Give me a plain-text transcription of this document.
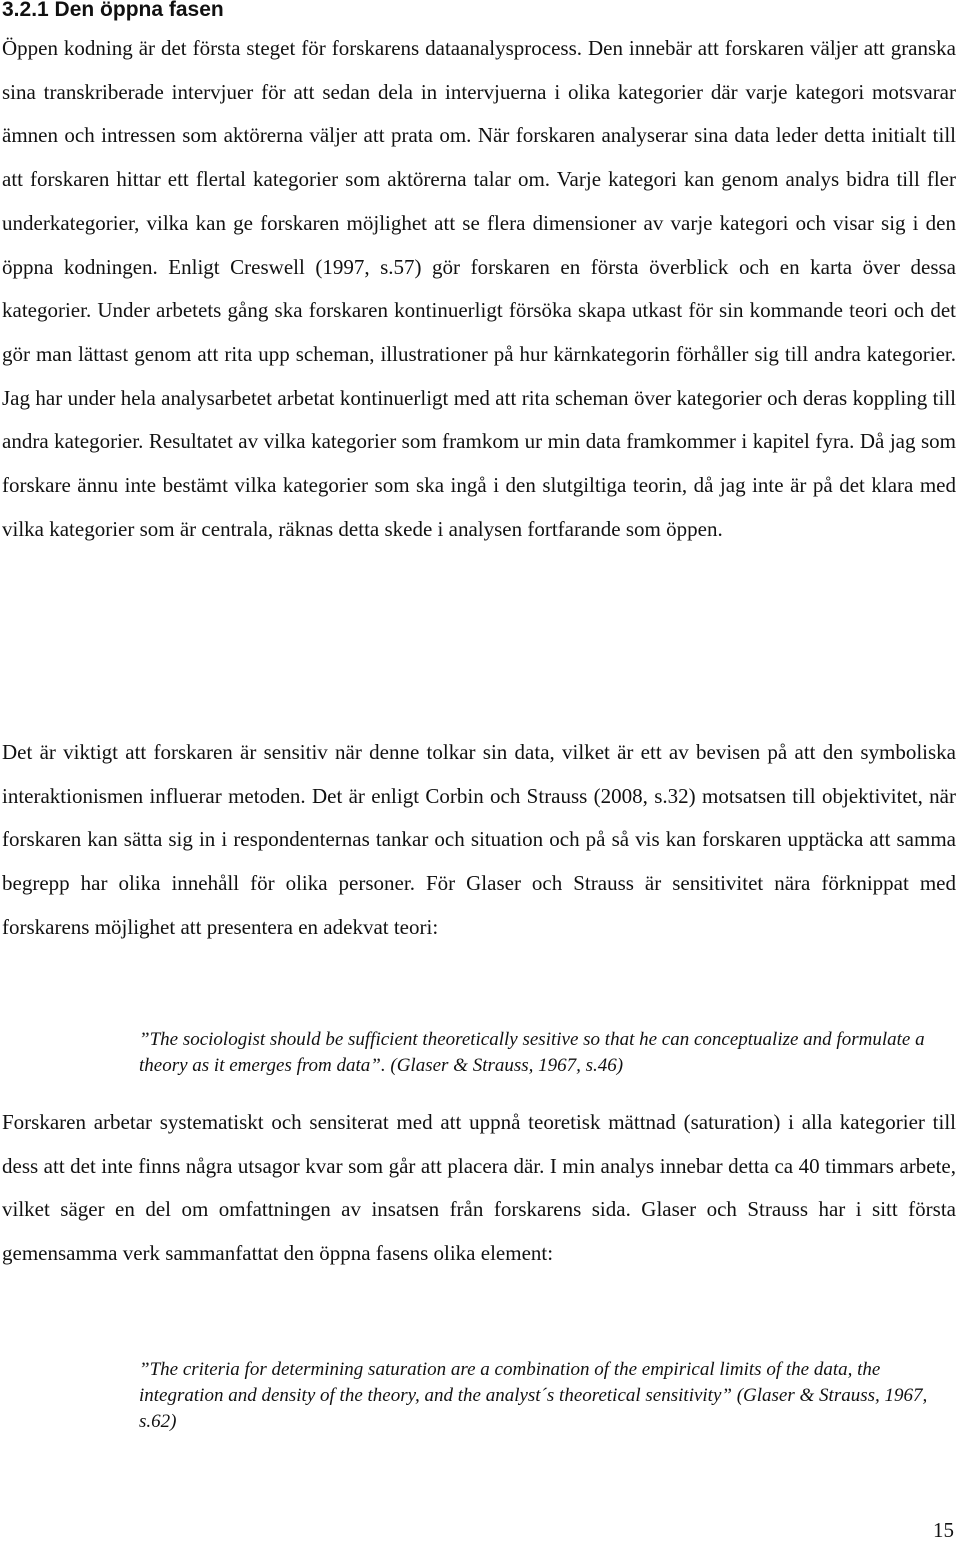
3.2.1 Den öppna fasen

Öppen kodning är det första steget för forskarens dataanalysprocess. Den innebär att forskaren väljer att granska sina transkriberade intervjuer för att sedan dela in intervjuerna i olika kategorier där varje kategori motsvarar ämnen och intressen som aktörerna väljer att prata om. När forskaren analyserar sina data leder detta initialt till att forskaren hittar ett flertal kategorier som aktörerna talar om. Varje kategori kan genom analys bidra till fler underkategorier, vilka kan ge forskaren möjlighet att se flera dimensioner av varje kategori och visar sig i den öppna kodningen. Enligt Creswell (1997, s.57) gör forskaren en första överblick och en karta över dessa kategorier. Under arbetets gång ska forskaren kontinuerligt försöka skapa utkast för sin kommande teori och det gör man lättast genom att rita upp scheman, illustrationer på hur kärnkategorin förhåller sig till andra kategorier. Jag har under hela analysarbetet arbetat kontinuerligt med att rita scheman över kategorier och deras koppling till andra kategorier. Resultatet av vilka kategorier som framkom ur min data framkommer i kapitel fyra. Då jag som forskare ännu inte bestämt vilka kategorier som ska ingå i den slutgiltiga teorin, då jag inte är på det klara med vilka kategorier som är centrala, räknas detta skede i analysen fortfarande som öppen.

Det är viktigt att forskaren är sensitiv när denne tolkar sin data, vilket är ett av bevisen på att den symboliska interaktionismen influerar metoden. Det är enligt Corbin och Strauss (2008, s.32) motsatsen till objektivitet, när forskaren kan sätta sig in i respondenternas tankar och situation och på så vis kan forskaren upptäcka att samma begrepp har olika innehåll för olika personer. För Glaser och Strauss är sensitivitet nära förknippat med forskarens möjlighet att presentera en adekvat teori:

”The sociologist should be sufficient theoretically sesitive so that he can conceptualize and formulate a theory as it emerges from data”. (Glaser & Strauss, 1967, s.46)

Forskaren arbetar systematiskt och sensiterat med att uppnå teoretisk mättnad (saturation) i alla kategorier till dess att det inte finns några utsagor kvar som går att placera där. I min analys innebar detta ca 40 timmars arbete, vilket säger en del om omfattningen av insatsen från forskarens sida. Glaser och Strauss har i sitt första gemensamma verk sammanfattat den öppna fasens olika element:

”The criteria for determining saturation are a combination of the empirical limits of the data, the integration and density of the theory, and the analyst´s theoretical sensitivity” (Glaser & Strauss, 1967, s.62)

15
